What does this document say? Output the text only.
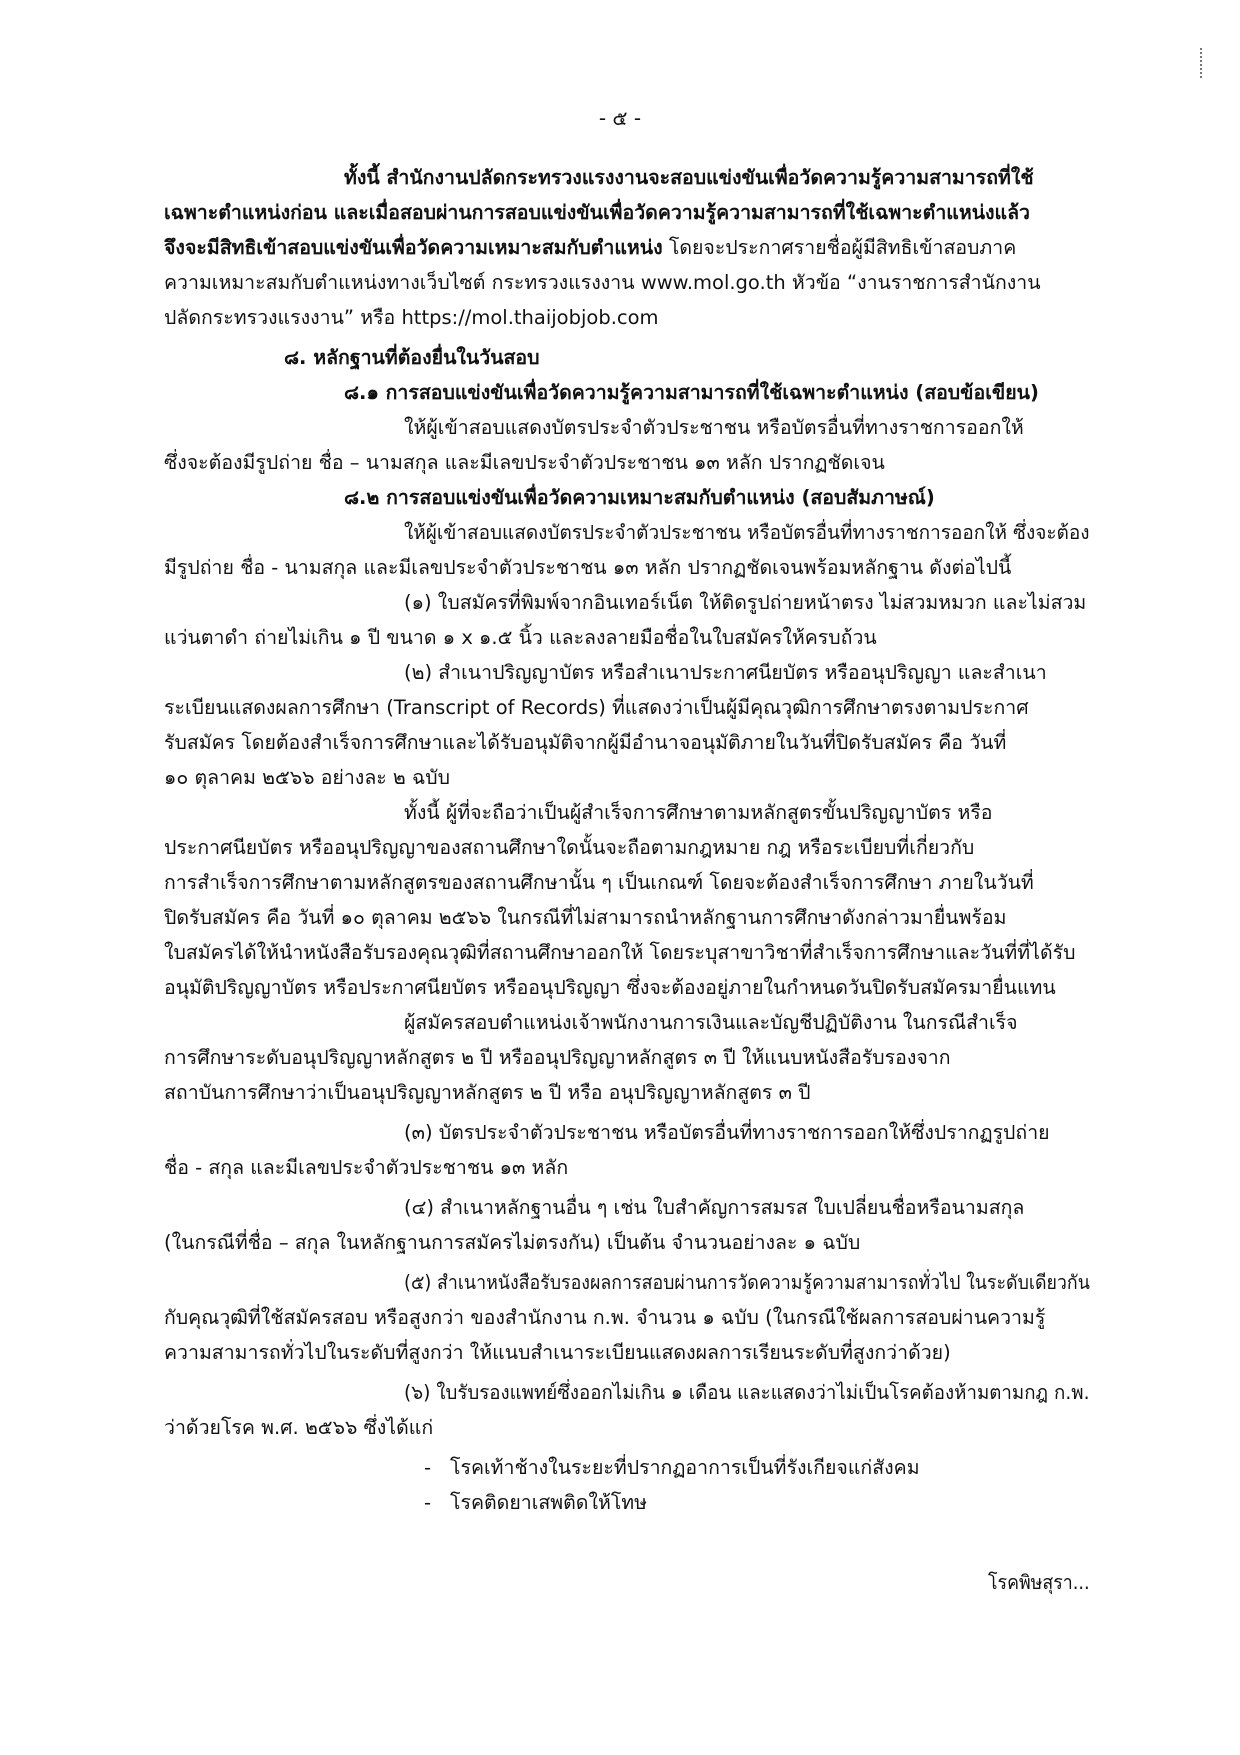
- ๕ -
ทั้งนี้ สำนักงานปลัดกระทรวงแรงงานจะสอบแข่งขันเพื่อวัดความรู้ความสามารถที่ใช้
เฉพาะตำแหน่งก่อน และเมื่อสอบผ่านการสอบแข่งขันเพื่อวัดความรู้ความสามารถที่ใช้เฉพาะตำแหน่งแล้ว
จึงจะมีสิทธิเข้าสอบแข่งขันเพื่อวัดความเหมาะสมกับตำแหน่ง โดยจะประกาศรายชื่อผู้มีสิทธิเข้าสอบภาค
ความเหมาะสมกับตำแหน่งทางเว็บไซต์ กระทรวงแรงงาน www.mol.go.th หัวข้อ “งานราชการสำนักงาน
ปลัดกระทรวงแรงงาน” หรือ https://mol.thaijobjob.com
๘. หลักฐานที่ต้องยื่นในวันสอบ
๘.๑ การสอบแข่งขันเพื่อวัดความรู้ความสามารถที่ใช้เฉพาะตำแหน่ง (สอบข้อเขียน)
ให้ผู้เข้าสอบแสดงบัตรประจำตัวประชาชน หรือบัตรอื่นที่ทางราชการออกให้
ซึ่งจะต้องมีรูปถ่าย ชื่อ – นามสกุล และมีเลขประจำตัวประชาชน ๑๓ หลัก ปรากฏชัดเจน
๘.๒ การสอบแข่งขันเพื่อวัดความเหมาะสมกับตำแหน่ง (สอบสัมภาษณ์)
ให้ผู้เข้าสอบแสดงบัตรประจำตัวประชาชน หรือบัตรอื่นที่ทางราชการออกให้ ซึ่งจะต้อง
มีรูปถ่าย ชื่อ - นามสกุล และมีเลขประจำตัวประชาชน ๑๓ หลัก ปรากฏชัดเจนพร้อมหลักฐาน ดังต่อไปนี้
(๑) ใบสมัครที่พิมพ์จากอินเทอร์เน็ต ให้ติดรูปถ่ายหน้าตรง ไม่สวมหมวก และไม่สวม
แว่นตาดำ ถ่ายไม่เกิน ๑ ปี ขนาด ๑ x ๑.๕ นิ้ว และลงลายมือชื่อในใบสมัครให้ครบถ้วน
(๒) สำเนาปริญญาบัตร หรือสำเนาประกาศนียบัตร หรืออนุปริญญา และสำเนา
ระเบียนแสดงผลการศึกษา (Transcript of Records) ที่แสดงว่าเป็นผู้มีคุณวุฒิการศึกษาตรงตามประกาศ
รับสมัคร โดยต้องสำเร็จการศึกษาและได้รับอนุมัติจากผู้มีอำนาจอนุมัติภายในวันที่ปิดรับสมัคร คือ วันที่
๑๐ ตุลาคม ๒๕๖๖ อย่างละ ๒ ฉบับ
ทั้งนี้ ผู้ที่จะถือว่าเป็นผู้สำเร็จการศึกษาตามหลักสูตรขั้นปริญญาบัตร หรือ
ประกาศนียบัตร หรืออนุปริญญาของสถานศึกษาใดนั้นจะถือตามกฎหมาย กฎ หรือระเบียบที่เกี่ยวกับ
การสำเร็จการศึกษาตามหลักสูตรของสถานศึกษานั้น ๆ เป็นเกณฑ์ โดยจะต้องสำเร็จการศึกษา ภายในวันที่
ปิดรับสมัคร คือ วันที่ ๑๐ ตุลาคม ๒๕๖๖ ในกรณีที่ไม่สามารถนำหลักฐานการศึกษาดังกล่าวมายื่นพร้อม
ใบสมัครได้ให้นำหนังสือรับรองคุณวุฒิที่สถานศึกษาออกให้ โดยระบุสาขาวิชาที่สำเร็จการศึกษาและวันที่ที่ได้รับ
อนุมัติปริญญาบัตร หรือประกาศนียบัตร หรืออนุปริญญา ซึ่งจะต้องอยู่ภายในกำหนดวันปิดรับสมัครมายื่นแทน
ผู้สมัครสอบตำแหน่งเจ้าพนักงานการเงินและบัญชีปฏิบัติงาน ในกรณีสำเร็จ
การศึกษาระดับอนุปริญญาหลักสูตร ๒ ปี หรืออนุปริญญาหลักสูตร ๓ ปี ให้แนบหนังสือรับรองจาก
สถาบันการศึกษาว่าเป็นอนุปริญญาหลักสูตร ๒ ปี หรือ อนุปริญญาหลักสูตร ๓ ปี
(๓) บัตรประจำตัวประชาชน หรือบัตรอื่นที่ทางราชการออกให้ซึ่งปรากฏรูปถ่าย
ชื่อ - สกุล และมีเลขประจำตัวประชาชน ๑๓ หลัก
(๔) สำเนาหลักฐานอื่น ๆ เช่น ใบสำคัญการสมรส ใบเปลี่ยนชื่อหรือนามสกุล
(ในกรณีที่ชื่อ – สกุล ในหลักฐานการสมัครไม่ตรงกัน) เป็นต้น จำนวนอย่างละ ๑ ฉบับ
(๕) สำเนาหนังสือรับรองผลการสอบผ่านการวัดความรู้ความสามารถทั่วไป ในระดับเดียวกัน
กับคุณวุฒิที่ใช้สมัครสอบ หรือสูงกว่า ของสำนักงาน ก.พ. จำนวน ๑ ฉบับ (ในกรณีใช้ผลการสอบผ่านความรู้
ความสามารถทั่วไปในระดับที่สูงกว่า ให้แนบสำเนาระเบียนแสดงผลการเรียนระดับที่สูงกว่าด้วย)
(๖) ใบรับรองแพทย์ซึ่งออกไม่เกิน ๑ เดือน และแสดงว่าไม่เป็นโรคต้องห้ามตามกฎ ก.พ.
ว่าด้วยโรค พ.ศ. ๒๕๖๖ ซึ่งได้แก่
- โรคเท้าช้างในระยะที่ปรากฏอาการเป็นที่รังเกียจแก่สังคม
- โรคติดยาเสพติดให้โทษ
โรคพิษสุรา...
